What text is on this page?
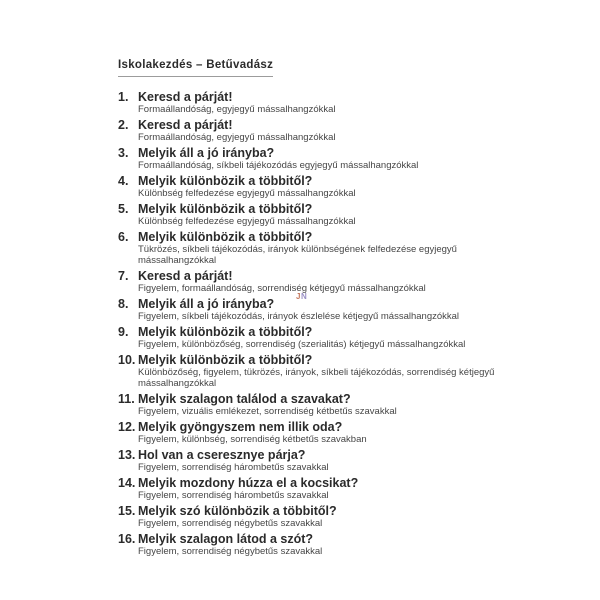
Iskolakezdés – Betűvadász
1. Keresd a párját!
Formaállandóság, egyjegyű mássalhangzókkal
2. Keresd a párját!
Formaállandóság, egyjegyű mássalhangzókkal
3. Melyik áll a jó irányba?
Formaállandóság, síkbeli tájékozódás egyjegyű mássalhangzókkal
4. Melyik különbözik a többitől?
Különbség felfedezése egyjegyű mássalhangzókkal
5. Melyik különbözik a többitől?
Különbség felfedezése egyjegyű mássalhangzókkal
6. Melyik különbözik a többitől?
Tükrözés, síkbeli tájékozódás, irányok különbségének felfedezése egyjegyű mássalhangzókkal
7. Keresd a párját!
Figyelem, formaállandóság, sorrendiség kétjegyű mássalhangzókkal
8. Melyik áll a jó irányba?
Figyelem, síkbeli tájékozódás, irányok észlelése kétjegyű mássalhangzókkal
9. Melyik különbözik a többitől?
Figyelem, különbözőség, sorrendiség (szerialitás) kétjegyű mássalhangzókkal
10. Melyik különbözik a többitől?
Különbözőség, figyelem, tükrözés, irányok, síkbeli tájékozódás, sorrendiség kétjegyű mássalhangzókkal
11. Melyik szalagon találod a szavakat?
Figyelem, vizuális emlékezet, sorrendiség kétbetűs szavakkal
12. Melyik gyöngyszem nem illik oda?
Figyelem, különbség, sorrendiség kétbetűs szavakban
13. Hol van a cseresznye párja?
Figyelem, sorrendiség hárombetűs szavakkal
14. Melyik mozdony húzza el a kocsikat?
Figyelem, sorrendiség hárombetűs szavakkal
15. Melyik szó különbözik a többitől?
Figyelem, sorrendiség négybetűs szavakkal
16. Melyik szalagon látod a szót?
Figyelem, sorrendiség négybetűs szavakkal
JN
